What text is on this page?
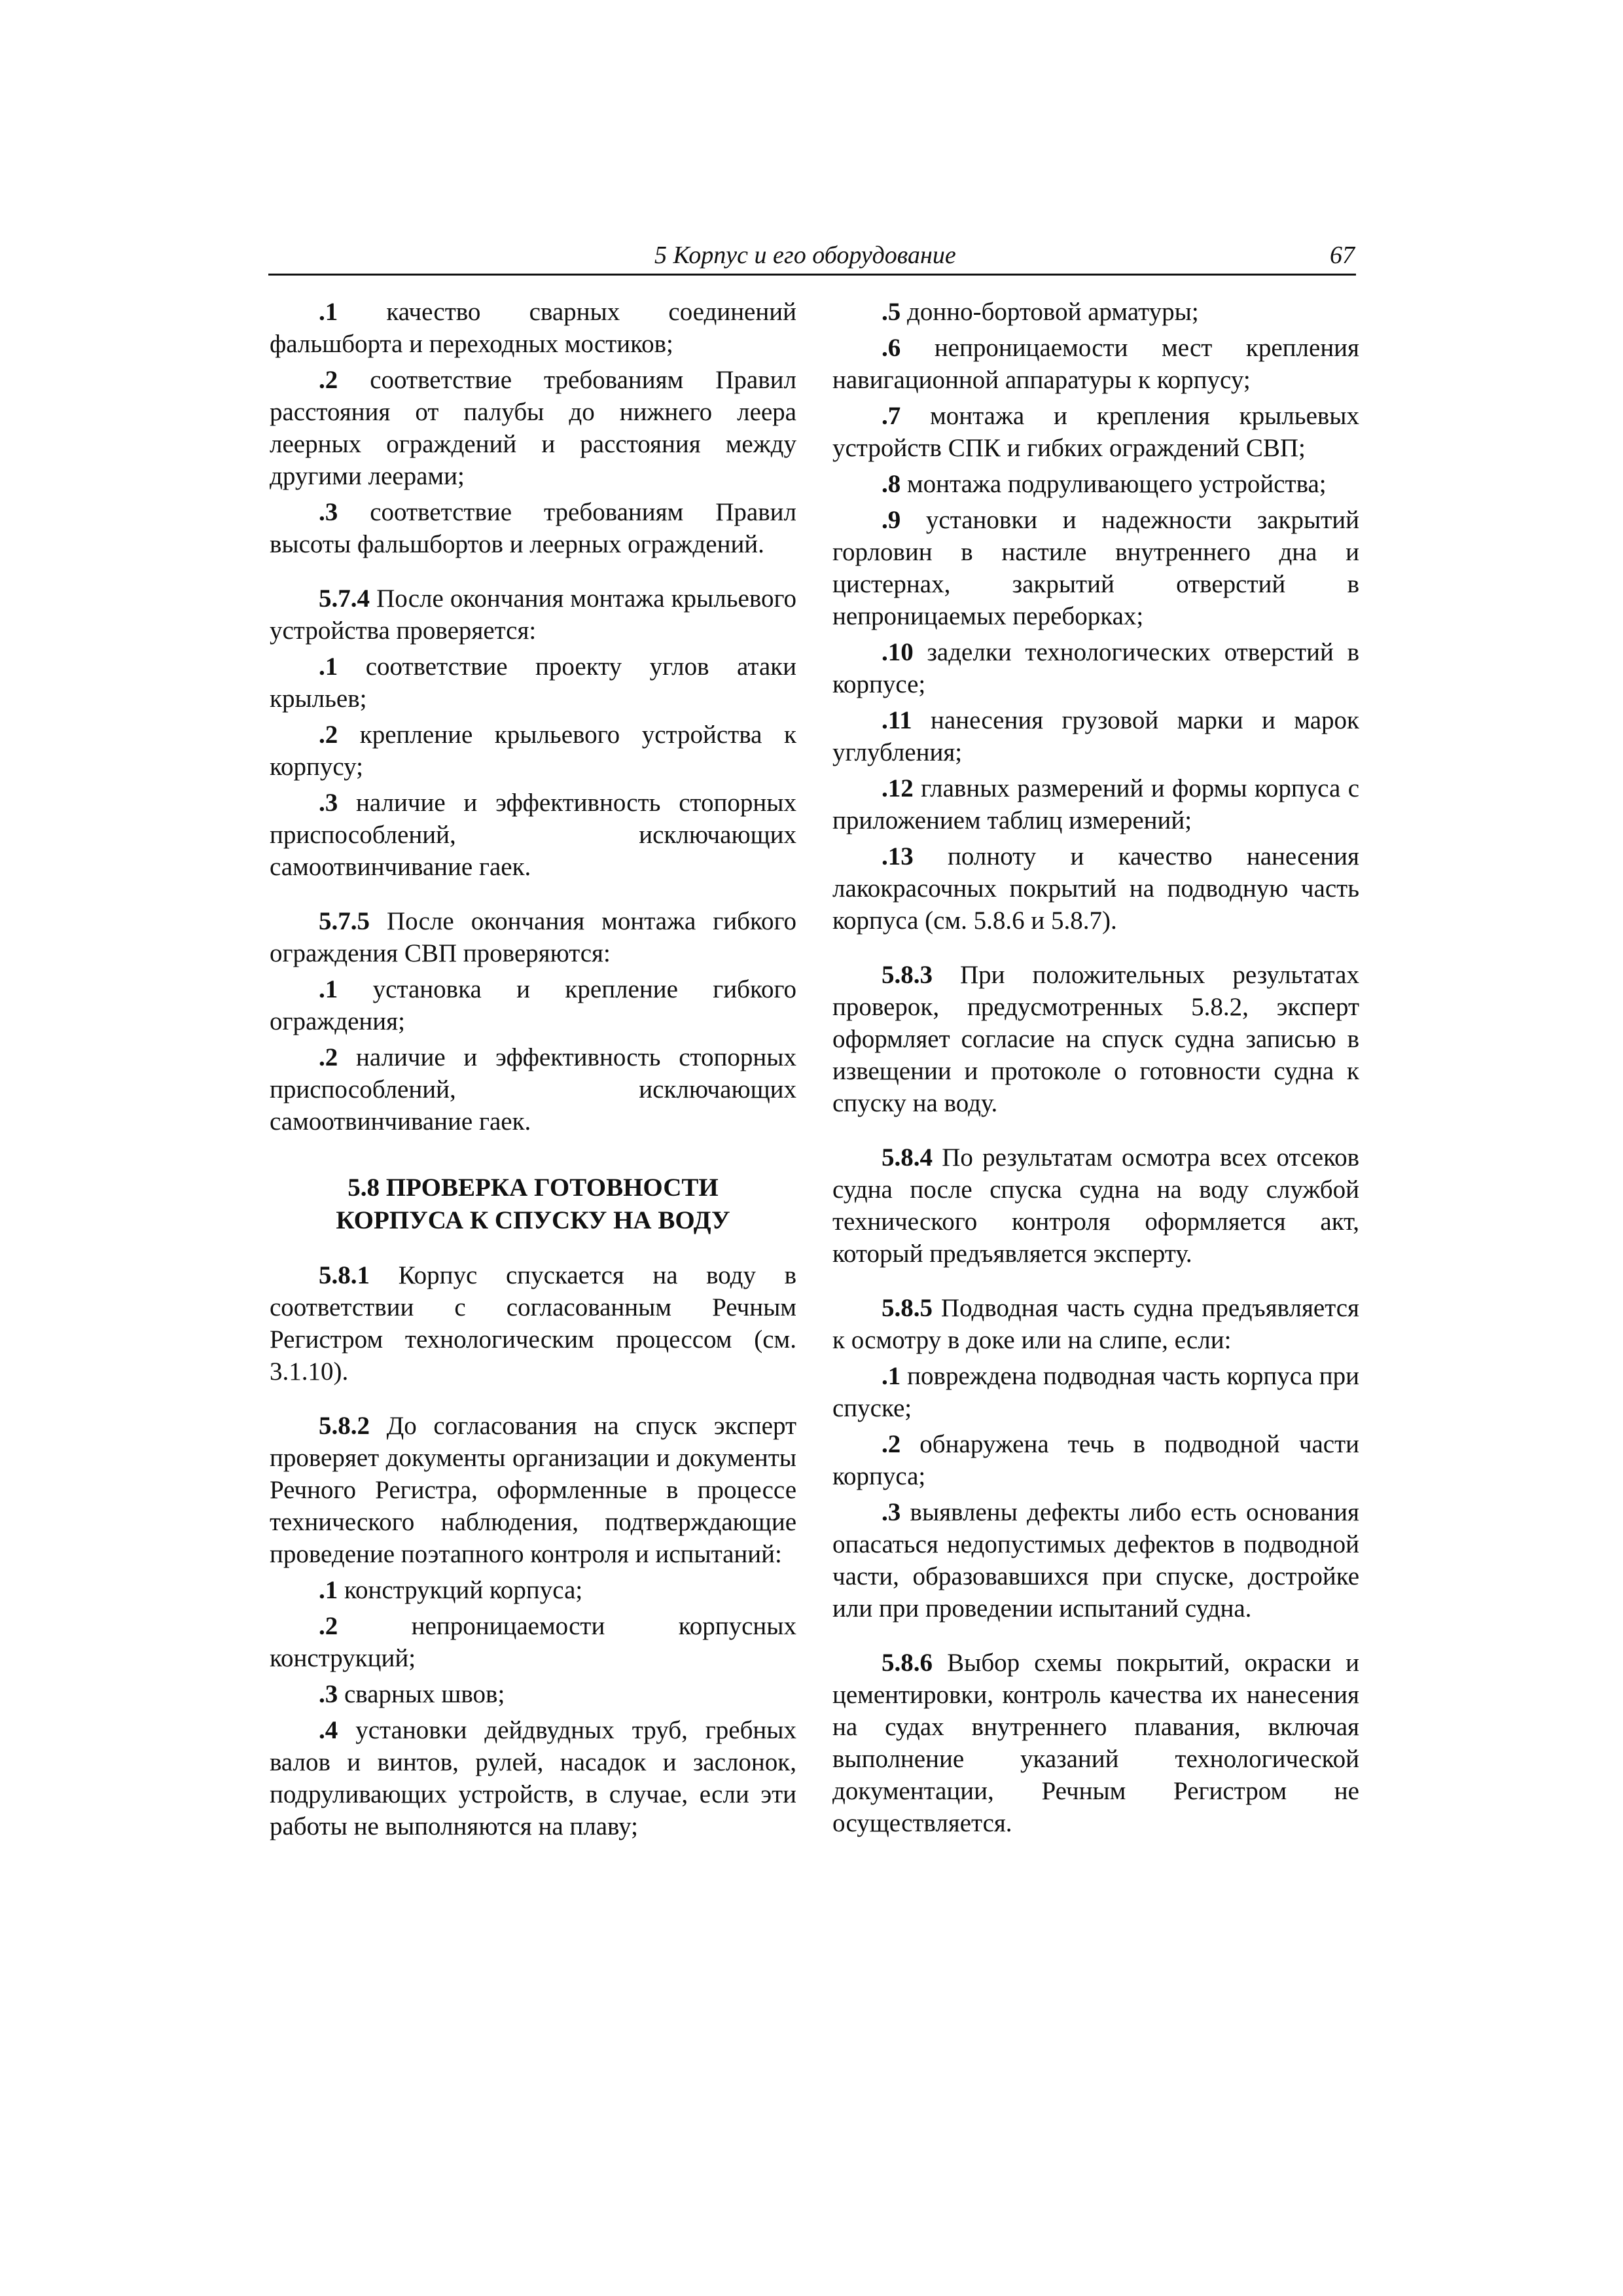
5 Корпус и его оборудование	67

.1 качество сварных соединений фальшборта и переходных мостиков;

.2 соответствие требованиям Правил расстояния от палубы до нижнего леера леерных ограждений и расстояния между другими леерами;

.3 соответствие требованиям Правил высоты фальшбортов и леерных ограждений.

5.7.4 После окончания монтажа крыльевого устройства проверяется:

.1 соответствие проекту углов атаки крыльев;

.2 крепление крыльевого устройства к корпусу;

.3 наличие и эффективность стопорных приспособлений, исключающих самоотвинчивание гаек.

5.7.5 После окончания монтажа гибкого ограждения СВП проверяются:

.1 установка и крепление гибкого ограждения;

.2 наличие и эффективность стопорных приспособлений, исключающих самоотвинчивание гаек.

5.8 ПРОВЕРКА ГОТОВНОСТИ
КОРПУСА К СПУСКУ НА ВОДУ

5.8.1 Корпус спускается на воду в соответствии с согласованным Речным Регистром технологическим процессом (см. 3.1.10).

5.8.2 До согласования на спуск эксперт проверяет документы организации и документы Речного Регистра, оформленные в процессе технического наблюдения, подтверждающие проведение поэтапного контроля и испытаний:

.1 конструкций корпуса;

.2 непроницаемости корпусных конструкций;

.3 сварных швов;

.4 установки дейдвудных труб, гребных валов и винтов, рулей, насадок и заслонок, подруливающих устройств, в случае, если эти работы не выполняются на плаву;

.5 донно-бортовой арматуры;

.6 непроницаемости мест крепления навигационной аппаратуры к корпусу;

.7 монтажа и крепления крыльевых устройств СПК и гибких ограждений СВП;

.8 монтажа подруливающего устройства;

.9 установки и надежности закрытий горловин в настиле внутреннего дна и цистернах, закрытий отверстий в непроницаемых переборках;

.10 заделки технологических отверстий в корпусе;

.11 нанесения грузовой марки и марок углубления;

.12 главных размерений и формы корпуса с приложением таблиц измерений;

.13 полноту и качество нанесения лакокрасочных покрытий на подводную часть корпуса (см. 5.8.6 и 5.8.7).

5.8.3 При положительных результатах проверок, предусмотренных 5.8.2, эксперт оформляет согласие на спуск судна записью в извещении и протоколе о готовности судна к спуску на воду.

5.8.4 По результатам осмотра всех отсеков судна после спуска судна на воду службой технического контроля оформляется акт, который предъявляется эксперту.

5.8.5 Подводная часть судна предъявляется к осмотру в доке или на слипе, если:

.1 повреждена подводная часть корпуса при спуске;

.2 обнаружена течь в подводной части корпуса;

.3 выявлены дефекты либо есть основания опасаться недопустимых дефектов в подводной части, образовавшихся при спуске, достройке или при проведении испытаний судна.

5.8.6 Выбор схемы покрытий, окраски и цементировки, контроль качества их нанесения на судах внутреннего плавания, включая выполнение указаний технологической документации, Речным Регистром не осуществляется.
